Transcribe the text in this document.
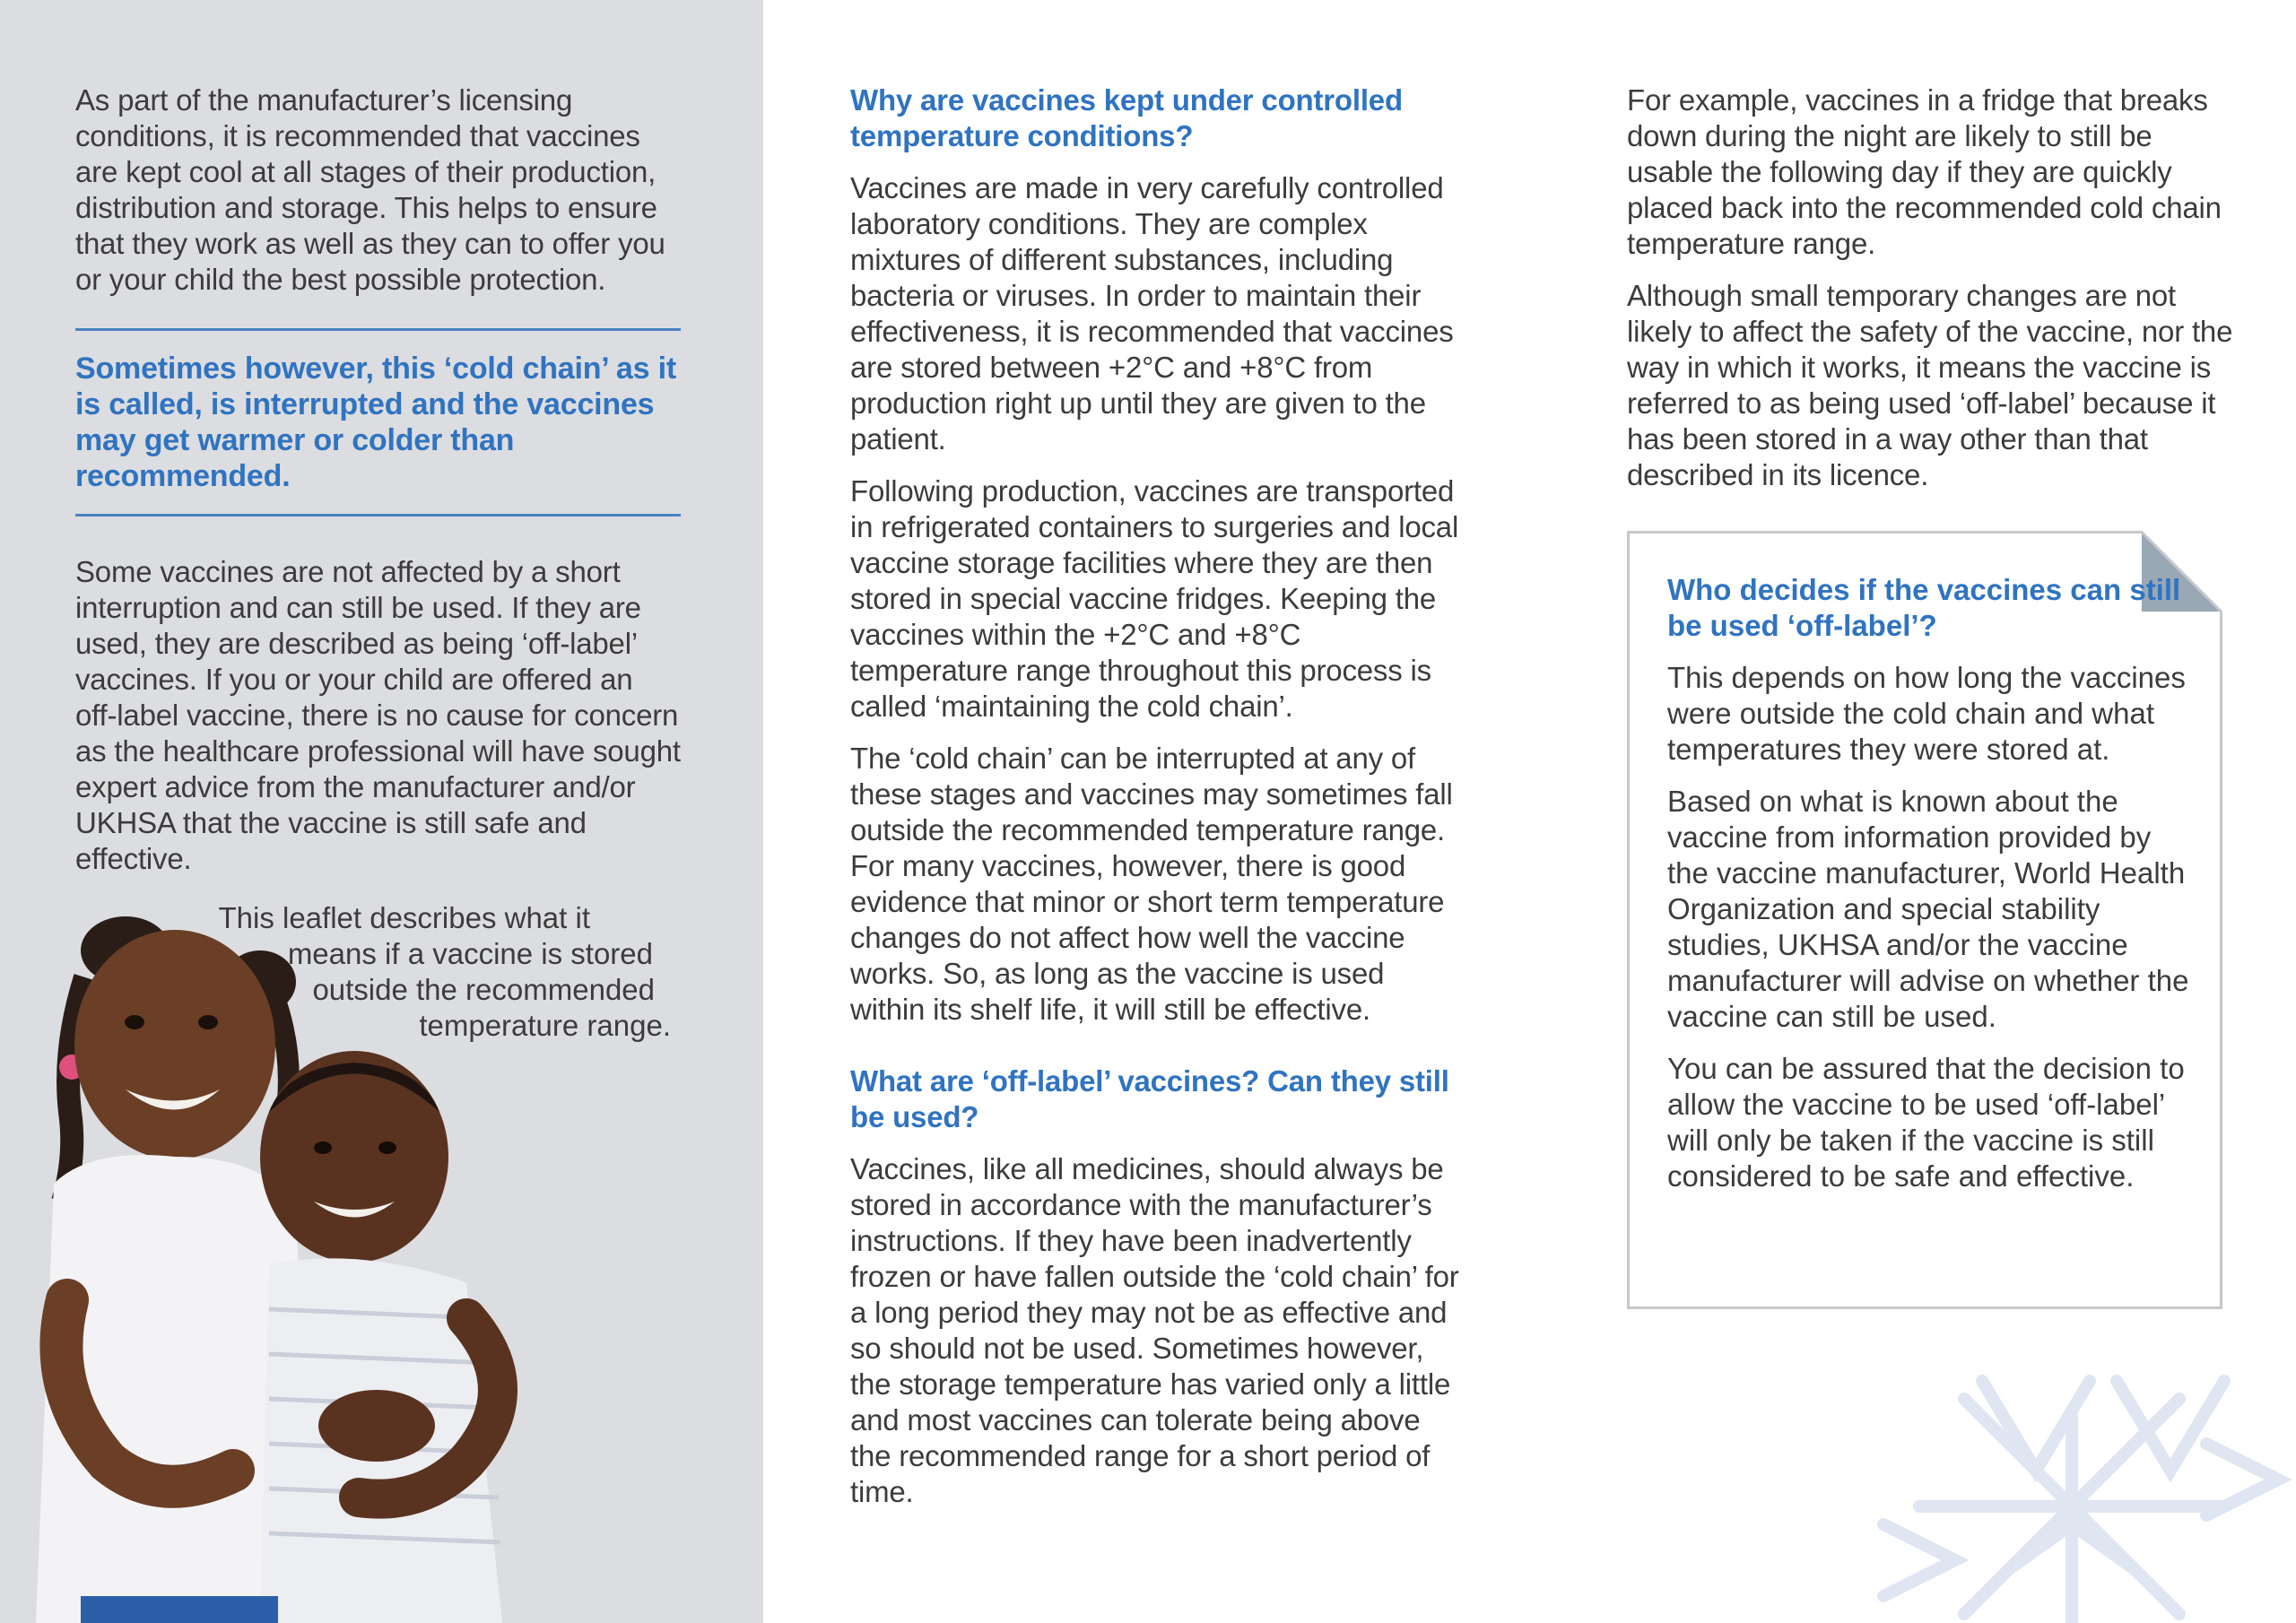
As part of the manufacturer’s licensing conditions, it is recommended that vaccines are kept cool at all stages of their production, distribution and storage. This helps to ensure that they work as well as they can to offer you or your child the best possible protection.

Sometimes however, this ‘cold chain’ as it is called, is interrupted and the vaccines may get warmer or colder than recommended.

Some vaccines are not affected by a short interruption and can still be used. If they are used, they are described as being ‘off-label’ vaccines. If you or your child are offered an off-label vaccine, there is no cause for concern as the healthcare professional will have sought expert advice from the manufacturer and/or UKHSA that the vaccine is still safe and effective.

This leaflet describes what it
means if a vaccine is stored
outside the recommended
temperature range.
Why are vaccines kept under controlled temperature conditions?

Vaccines are made in very carefully controlled laboratory conditions. They are complex mixtures of different substances, including bacteria or viruses. In order to maintain their effectiveness, it is recommended that vaccines are stored between +2°C and +8°C from production right up until they are given to the patient.

Following production, vaccines are transported in refrigerated containers to surgeries and local vaccine storage facilities where they are then stored in special vaccine fridges. Keeping the vaccines within the +2°C and +8°C temperature range throughout this process is called ‘maintaining the cold chain’.

The ‘cold chain’ can be interrupted at any of these stages and vaccines may sometimes fall outside the recommended temperature range. For many vaccines, however, there is good evidence that minor or short term temperature changes do not affect how well the vaccine works. So, as long as the vaccine is used within its shelf life, it will still be effective.

What are ‘off-label’ vaccines? Can they still be used?

Vaccines, like all medicines, should always be stored in accordance with the manufacturer’s instructions. If they have been inadvertently frozen or have fallen outside the ‘cold chain’ for a long period they may not be as effective and so should not be used. Sometimes however, the storage temperature has varied only a little and most vaccines can tolerate being above the recommended range for a short period of time.

For example, vaccines in a fridge that breaks down during the night are likely to still be usable the following day if they are quickly placed back into the recommended cold chain temperature range.

Although small temporary changes are not likely to affect the safety of the vaccine, nor the way in which it works, it means the vaccine is referred to as being used ‘off-label’ because it has been stored in a way other than that described in its licence.

Who decides if the vaccines can still be used ‘off-label’?

This depends on how long the vaccines were outside the cold chain and what temperatures they were stored at.

Based on what is known about the vaccine from information provided by the vaccine manufacturer, World Health Organization and special stability studies, UKHSA and/or the vaccine manufacturer will advise on whether the vaccine can still be used.

You can be assured that the decision to allow the vaccine to be used ‘off-label’ will only be taken if the vaccine is still considered to be safe and effective.
